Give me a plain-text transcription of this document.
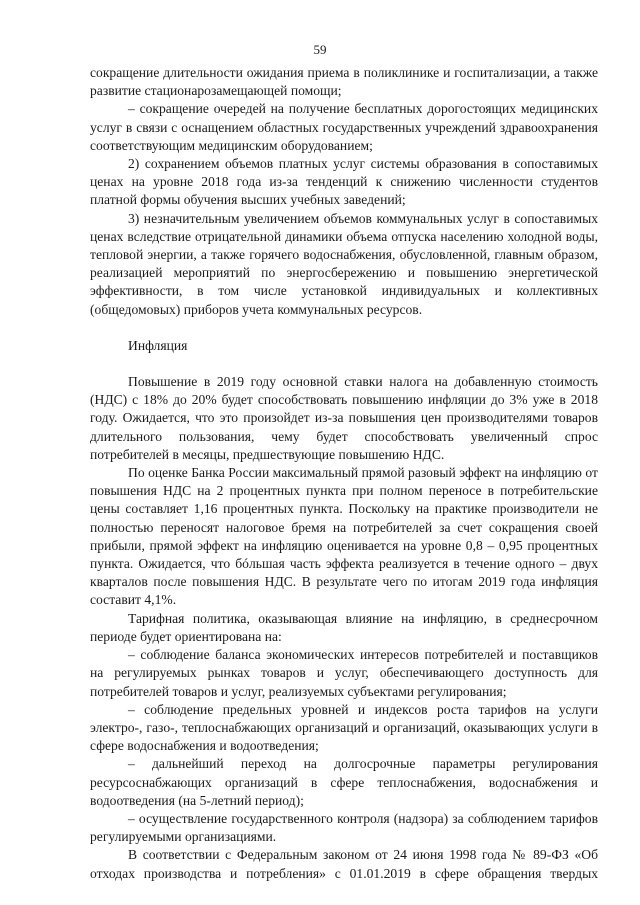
59

сокращение длительности ожидания приема в поликлинике и госпитализации, а также развитие стационарозамещающей помощи;

– сокращение очередей на получение бесплатных дорогостоящих медицинских услуг в связи с оснащением областных государственных учреждений здравоохранения соответствующим медицинским оборудованием;

2) сохранением объемов платных услуг системы образования в сопоставимых ценах на уровне 2018 года из-за тенденций к снижению численности студентов платной формы обучения высших учебных заведений;

3) незначительным увеличением объемов коммунальных услуг в сопоставимых ценах вследствие отрицательной динамики объема отпуска населению холодной воды, тепловой энергии, а также горячего водоснабжения, обусловленной, главным образом, реализацией мероприятий по энергосбережению и повышению энергетической эффективности, в том числе установкой индивидуальных и коллективных (общедомовых) приборов учета коммунальных ресурсов.

Инфляция

Повышение в 2019 году основной ставки налога на добавленную стоимость (НДС) с 18% до 20% будет способствовать повышению инфляции до 3% уже в 2018 году. Ожидается, что это произойдет из-за повышения цен производителями товаров длительного пользования, чему будет способствовать увеличенный спрос потребителей в месяцы, предшествующие повышению НДС.

По оценке Банка России максимальный прямой разовый эффект на инфляцию от повышения НДС на 2 процентных пункта при полном переносе в потребительские цены составляет 1,16 процентных пункта. Поскольку на практике производители не полностью переносят налоговое бремя на потребителей за счет сокращения своей прибыли, прямой эффект на инфляцию оценивается на уровне 0,8 – 0,95 процентных пункта. Ожидается, что бóльшая часть эффекта реализуется в течение одного – двух кварталов после повышения НДС. В результате чего по итогам 2019 года инфляция составит 4,1%.

Тарифная политика, оказывающая влияние на инфляцию, в среднесрочном периоде будет ориентирована на:

– соблюдение баланса экономических интересов потребителей и поставщиков на регулируемых рынках товаров и услуг, обеспечивающего доступность для потребителей товаров и услуг, реализуемых субъектами регулирования;

– соблюдение предельных уровней и индексов роста тарифов на услуги электро-, газо-, теплоснабжающих организаций и организаций, оказывающих услуги в сфере водоснабжения и водоотведения;

– дальнейший переход на долгосрочные параметры регулирования ресурсоснабжающих организаций в сфере теплоснабжения, водоснабжения и водоотведения (на 5-летний период);

– осуществление государственного контроля (надзора) за соблюдением тарифов регулируемыми организациями.

В соответствии с Федеральным законом от 24 июня 1998 года № 89-ФЗ «Об отходах производства и потребления» с 01.01.2019 в сфере обращения твердых
